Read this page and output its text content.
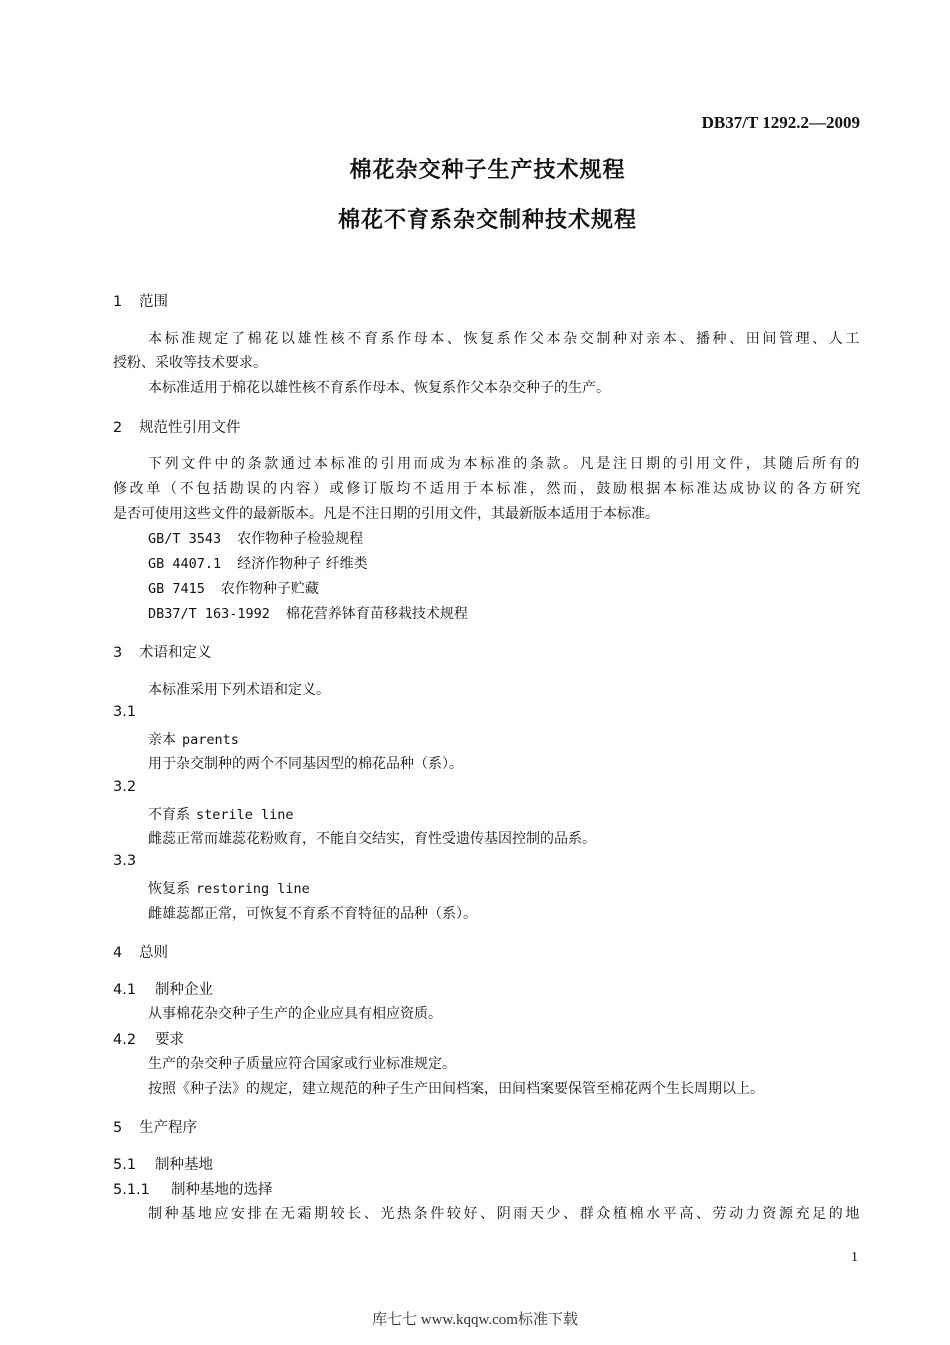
DB37/T 1292.2—2009
棉花杂交种子生产技术规程
棉花不育系杂交制种技术规程
1 范围
本标准规定了棉花以雄性核不育系作母本、恢复系作父本杂交制种对亲本、播种、田间管理、人工
授粉、采收等技术要求。
本标准适用于棉花以雄性核不育系作母本、恢复系作父本杂交种子的生产。
2 规范性引用文件
下列文件中的条款通过本标准的引用而成为本标准的条款。凡是注日期的引用文件，其随后所有的
修改单（不包括勘误的内容）或修订版均不适用于本标准，然而，鼓励根据本标准达成协议的各方研究
是否可使用这些文件的最新版本。凡是不注日期的引用文件，其最新版本适用于本标准。
GB/T 3543 农作物种子检验规程
GB 4407.1 经济作物种子 纤维类
GB 7415 农作物种子贮藏
DB37/T 163-1992 棉花营养钵育苗移栽技术规程
3 术语和定义
本标准采用下列术语和定义。
3.1
亲本 parents
用于杂交制种的两个不同基因型的棉花品种（系）。
3.2
不育系 sterile line
雌蕊正常而雄蕊花粉败育，不能自交结实，育性受遗传基因控制的品系。
3.3
恢复系 restoring line
雌雄蕊都正常，可恢复不育系不育特征的品种（系）。
4 总则
4.1 制种企业
从事棉花杂交种子生产的企业应具有相应资质。
4.2 要求
生产的杂交种子质量应符合国家或行业标准规定。
按照《种子法》的规定，建立规范的种子生产田间档案，田间档案要保管至棉花两个生长周期以上。
5 生产程序
5.1 制种基地
5.1.1 制种基地的选择
制种基地应安排在无霜期较长、光热条件较好、阴雨天少、群众植棉水平高、劳动力资源充足的地
1
库七七 www.kqqw.com标准下载
